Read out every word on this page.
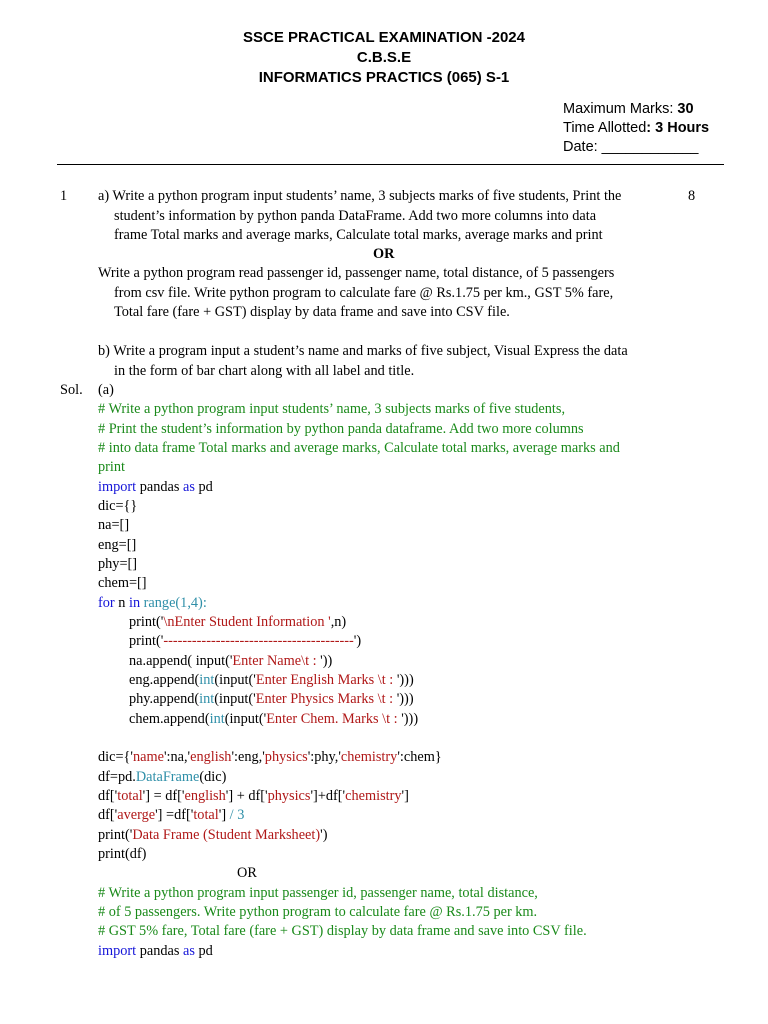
SSCE PRACTICAL EXAMINATION -2024
C.B.S.E
INFORMATICS PRACTICS (065) S-1
Maximum Marks: 30
Time Allotted: 3 Hours
Date: ____________
1	8
a) Write a python program input students’ name, 3 subjects marks of five students, Print the
student’s information by python panda DataFrame. Add two more columns into data
frame Total marks and average marks, Calculate total marks, average marks and print
OR
Write a python program read passenger id, passenger name, total distance, of 5 passengers
from csv file. Write python program to calculate fare @ Rs.1.75 per km., GST 5% fare,
Total fare (fare + GST) display by data frame and save into CSV file.
b) Write a program input a student’s name and marks of five subject, Visual Express the data
in the form of bar chart along with all label and title.
Sol. (a)
# Write a python program input students’ name, 3 subjects marks of five students,
# Print the student’s information by python panda dataframe. Add two more columns
# into data frame Total marks and average marks, Calculate total marks, average marks and
print
import pandas as pd
dic={}
na=[]
eng=[]
phy=[]
chem=[]
for n in range(1,4):
print('\nEnter Student Information ',n)
print('----------------------------------------')
na.append( input('Enter Name\t : '))
eng.append(int(input('Enter English Marks \t : ')))
phy.append(int(input('Enter Physics Marks \t : ')))
chem.append(int(input('Enter Chem. Marks \t : ')))
dic={'name':na,'english':eng,'physics':phy,'chemistry':chem}
df=pd.DataFrame(dic)
df['total'] = df['english'] + df['physics']+df['chemistry']
df['averge'] =df['total'] / 3
print('Data Frame (Student Marksheet)')
print(df)
OR
# Write a python program input passenger id, passenger name, total distance,
# of 5 passengers. Write python program to calculate fare @ Rs.1.75 per km.
# GST 5% fare, Total fare (fare + GST) display by data frame and save into CSV file.
import pandas as pd
